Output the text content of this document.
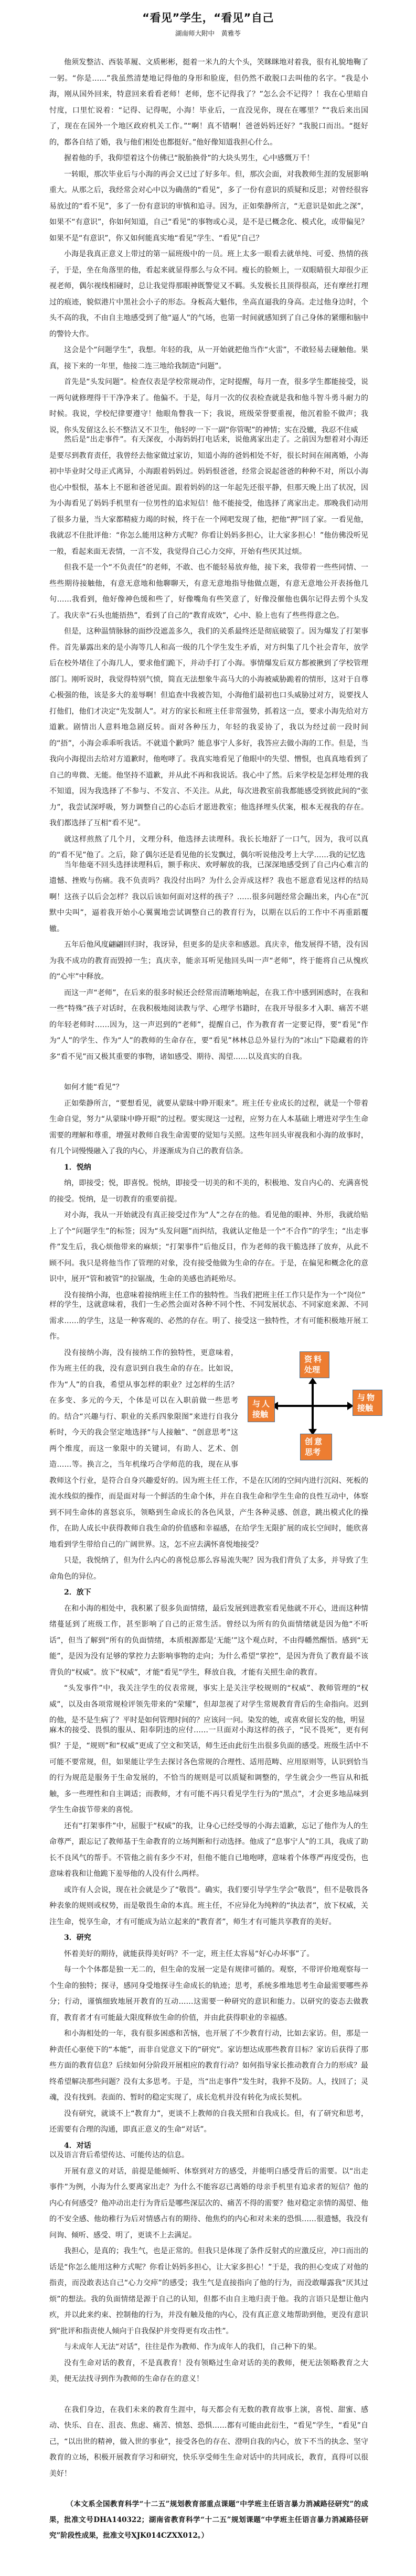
“看见”学生，“看见”自己

湖南师大附中　黄雅苓

他须发整洁、西装革履、文质彬彬，挺着一米九的大个头，笑眯眯地对着我，很有礼貌地鞠了一躬。“你是……”我虽然清楚地记得他的身形和脸庞，但仍然不敢脱口去叫他的名字。“我是小海，刚从国外回来，特意回来看看老师！老师，您不记得我了？”怎么会不记得？！我在心里暗自忖度，口里忙说着：“记得、记得呢，小海！毕业后，一直没见你，现在在哪里？”“我后来出国了，现在在国外一个地区政府机关工作。”“啊！真不错啊！爸爸妈妈还好？”我脱口而出。“挺好的，都各自结了婚，我与他们相处也都挺好。”他好像知道我担心什么。

握着他的手，我仰望着这个仿佛已“脱胎换骨”的大块头男生，心中感慨万千！

一转眼，那次毕业后与小海的再会又已过了好多年。但，那次会面，对我教师生涯的发展影响重大。从那之后，我经常会对心中以为确凿的“看见”，多了一份有意识的质疑和反思；对曾经很容易放过的“看不见”，多了一份有意识的审慎和追寻。因为，正如柴静所言，“无意识是如此之深”，如果不“有意识”，你如何知道，自己“看见”的事物或心灵，是不是已概念化、模式化，或带偏见？如果不是“有意识”，你又如何能真实地“看见”学生、“看见”自己？

小海是我真正意义上带过的第一届班级中的一员。班上太多一眼看去就单纯、可爱、热情的孩子，于是，坐在角落里的他，看起来就显得那么与众不同。瘦长的脸颊上，一双眼睛很大却很少正视老师，偶尔视线相碰时，总让我觉得那眼神既警觉又不羁。头发极长且顶得很高，还有摩丝打理过的痕迹，貌似港片中黑社会小子的形态。身板高大魁伟，坐高直逼我的身高。走过他身边时，个头不高的我，不由自主地感受到了他“逼人”的气场，也第一时间就感知到了自己身体的紧绷和脑中的警铃大作。

这会是个“问题学生”，我想。年轻的我，从一开始就把他当作“火雷”，不敢轻易去碰触他。果真，接下来的一年里，他接二连三地给我制造“问题”。

首先是“头发问题”。检查仪表是学校常规动作，定时提醒，每月一查，很多学生都能接受，说一两句就修理得干干净净来了。他偏不。于是，每月一次的仪表检查就是我和他斗智斗勇斗耐力的时候。我说，学校纪律要遵守！他眼角瞥我一下；我说，班级荣誉要重视，他沉着脸不做声；我说，你头发留这么长不整洁又不卫生，他轻哼一下一副“你管呢”的神情；实在没辙，我忍不住威

然后是“出走事件”。有天深夜，小海妈妈打电话来，说他离家出走了。之前因为想着对小海还是要尽到教育责任，我曾经去他家做过家访，知道小海的爸妈相处不好，很长时间在闹离婚，小海初中毕业时父母正式离异，小海跟着妈妈过。妈妈恨爸爸，经常会说起爸爸的种种不对，所以小海也心中恨恨，基本上不愿和爸爸见面。跟着妈妈的这一年起先还很平静，但那天晚上出了状况，因为小海看见了妈妈手机里有一位男性的追求短信！他不能接受，他选择了离家出走。那晚我们动用了很多力量，当大家都精疲力竭的时候，终于在一个网吧发现了他，把他“押”回了家。一看见他，我就忍不住批评他：“你怎么能用这种方式呢？你看让妈妈多担心，让大家多担心！”他仿佛没听见一般，看起来面无表情，一言不发，我觉得自己心力交瘁，开始有些厌其过烦。

但我不是一个“不负责任”的老师，不敢、也不能轻易放弃他，接下来，我带着一些些同情、一些些期待接触他，有意无意地和他聊聊天，有意无意地指导他做点题，有意无意地公开表扬他几句……我看到，他好像神色缓和些了，好像嘴角有些笑意了，好像没催他也偶尔记得去剪个头发了。我庆幸“石头也能捂热”，看到了自己的“教育成效”，心中、脸上也有了些些得意之色。

但是，这种温情脉脉的面纱没遮盖多久，我们的关系最终还是彻底破裂了。因为爆发了打架事件。首先暴露出来的是小海等几人和高一级的几个学生发生矛盾，对方纠集了几个社会青年，放学后在校外堵住了小海几人，要求他们跪下，并动手打了小海。事情爆发后双方都被揪到了学校管理部门。刚听说时，我觉得特别气愤，简直无法想象牛高马大的小海被威胁跪着的情形，这对于自尊心极强的他，该是多大的羞辱啊！但追查中我被告知，小海他们最初也口头威胁过对方，说要找人打他们，他们才决定“先发制人”。对方的家长和班主任非常强势，抓着这一点，要求小海先给对方道歉。剧情出人意料地急剧反转。面对各种压力，年轻的我妥协了，我以为经过前一段时间的“捂”，小海会乖乖听我话。不就道个歉吗？能息事宁人多好，我答应去做小海的工作。但是，当我向小海提出去给对方道歉时，他咆哮了。我真实地看见了他眼中的失望、憎恨，也真真地看到了自己的卑微、无能。他坚持不道歉，并从此不再和我说话。我心中了然。后来学校是怎样处理的我不知道，因为我选择了不参与、不发言、不关注。从此，每次进教室前我都能感受到彼此间的“张力”，我尝试深呼吸，努力调整自己的心态后才愿进教室；他选择埋头伏案，根本无视我的存在。我们都选择了互相“看不见”。

就这样煎熬了几个月，文理分科，他选择去读理科。我长长地舒了一口气，因为，我可以真的“看不见”他了。之后，除了偶尔还是看见他的长发飘过，偶尔听说他没考上大学……我的记忆选

当年他毫不回头选择读理科后，额手称庆、欢呼解放的我，已深深地感受到了自己内心难言的遗憾、挫败与伤痛。我不负责吗？我没付出吗？为什么会弄成这样？我也不愿意看见这样的结局啊！这孩子以后会怎样？我以后该如何面对这样的孩子？……很多问题经常会蹦出来，内心在“沉默中尖叫”，逼着我开始小心翼翼地尝试调整自己的教育行为，以期在以后的工作中不再重蹈覆辙。

五年后他风度翩翩回归时，我讶异，但更多的是庆幸和感恩。真庆幸，他发展得不错，没有因为我不成功的教育而毁掉一生；真庆幸，能亲耳听见他回头叫一声“老师”，终于能将自己从愧疚的“心牢”中释放。

而这一声“老师”，在后来的很多时候还会经常而清晰地响起，在我工作中感到困惑时，在我和一些“特殊”孩子对话时，在我积极地阅读教与学、心理学书籍时，在我开导很多才入职、痛苦不堪的年轻老师时……因为，这一声迟到的“老师”，提醒自己，作为教育者一定要记得，要“看见”作为“人”的学生、作为“人”的教师的生命存在，要“看见”林林总总外显行为的“冰山”下隐藏着的许多“看不见”而又极其重要的事物，诸如感受、期待、渴望……以及真实的自我。

如何才能“看见”？

正如柴静所言，“要想看见，就要从蒙昧中睁开眼来”。班主任专业成长的过程，就是一个带着生命自觉，努力“从蒙昧中睁开眼”的过程。要实现这一过程，应努力在人本基础上增进对学生生命需要的理解和尊重，增强对教师自我生命需要的觉知与关照。这些年回头审视我和小海的故事时，有几个词慢慢融入了我的内心，并逐渐成为自己的教育信条。

1．悦纳

纳，即接受；悦，即喜悦。悦纳，即接受一切美的和不美的，积极地、发自内心的、充满喜悦的接受。悦纳，是一切教育的重要前提。

对小海，我从一开始就没有真正接受过作为“人”之存在的他。看见他的眼神、外形，我就给贴上了个“问题学生”的标签；因为“头发问题”而纠结，我就认定他是一个“不合作”的学生；“出走事件”发生后，我心烦他带来的麻烦；“打架事件”后他反目，作为老师的我干脆选择了放弃，从此不顾不问。我只是将他当作了管理的对象，没有接受他做为生命的存在。于是，在偏见和概念化的意识中，展开“管和被管”的拉锯战，生命的美感也消耗殆尽。

没有接纳小海，也意味着接纳班主任工作的独特性。当我们把班主任工作只是作为一个“岗位”

样的学生，这就意味着，我们一生必然会面对各种不同个性、不同发展状态、不同家庭来源、不同需求……的学生，这是一种客观的、必然的存在。明了、接受这一独特性，才有可能积极地开展工作。

资料处理
与人接触
与物接触
创意思考
没有接纳小海，没有接纳工作的独特性，更意味着，作为班主任的我，没有意识到自我生命的存在。比如说，作为“人”的自我，希望从事怎样的职业？过怎样的生活？在多变、多元的今天，个体是可以在入职前做一些思考的。结合“兴趣与行、职业的关系四象限图”来进行自我分析时，今天的我会坚定地选择“与人接触”、“创意思考”这两个维度，而这一象限中的关键词，有助人、艺术、创造……等。换言之，当年机缘巧合学师范的我，现在从事教师这个行业，是符合自身兴趣爱好的。因为班主任工作，不是在仄闭的空间内进行沉闷、死板的流水线似的操作，而是面对每一个鲜活的生命个体，并在自我生命和学生生命的良性互动中，体察到不同生命体的喜怒哀乐，领略到生命成长的各色风景，产生各种灵感、创意，跳出模式化的操作，在助人成长中获得教师自我生命的价值感和幸福感，在给学生无限扩展的成长空间时，能欣喜地看到学生带给自己的广阔世界。这，怎不应去满怀喜悦地接受？

只是，我悦纳了，但为什么内心的喜悦总那么容易流失呢？因为我们背负了太多，并导致了生命角色的异位。

2．放下

在和小海的相处中，我积累了很多负面情绪，最后发展到进教室看见他就不开心，进而这种情绪蔓延到了班级工作，甚至影响了自己的正常生活。曾经以为所有的负面情绪就是因为他“不听话”，但当了解到“所有的负面情绪，本质根源都是‘无能’”这个观点时，不由得幡然醒悟。感到“无能”，是因为没有足够的掌控力去影响事物的走向；为什么希望“掌控”，是因为背负了教育最不该背负的“权威”。放下“权威”，才能“看见”学生，释放自我，才能有关照生命的教育。

“头发事件”中，我关注学生的仪表常规，事实上是关注学校规则的“权威”、教师管理的“权威”，以及由各项常规检评领先带来的“荣耀”，但却忽视了对学生常规教育背后的生命指向。迟到的他，是不是生病了？平时是如何管理时间的？应该问一问。染发的她，或喜欢留长发的他，明显

麻木的接受、畏惧的服从、阳奉阴违的应付……一旦面对小海这样的孩子，“民不畏死”，更有何惧？于是，“规则”和“权威”更成了空文和笑话，师生还由此衍生出很多负面的感受。班级生活中不可能不要常规，但，如果能让学生去探讨各色常规的合理性、适用范畴、应用原则等，认识到恰当的行为规范是服务于生命发展的，不恰当的规则是可以质疑和调整的，学生就会少一些盲从和抵触，多一些理性和自主调适；而教师，才有可能不再只看见学生行为的“黑点”，才会更多地品味到学生生命拔节带来的喜悦。

还有“打架事件”中，屈服于“权威”的我，让身心已经受辱的小海去道歉，忘记了他作为人的生命尊严，跟忘记了教师基于生命教育的立场判断和行动选择。他成了“息事宁人”的工具，我成了助长不良风气的帮手。不管他之前有多少不对，但他不能自已地咆哮，意味着个体尊严再度受伤，也意味着我和让他跪下羞辱他的人没有什么两样。

或许有人会说，现在社会就是少了“敬畏”。确实，我们要引导学生学会“敬畏”，但不是敬畏各种表象的规则或权势，而是敬畏生命的本真。班主任，不应异化为纯粹的“执法者”，放下权威，关注生命，悦享生命，才有可能成为站立起来的“教育者”，师生才有可能共享教育的美好。

3．研究

怀着美好的期待，就能获得美好吗？不一定，班主任太容易“好心办坏事”了。

每一个个体都是独一无二的，但生命的发展一定是有规律可循的。观察，不带评价地观察每一个生命的独特；探寻，感同身受地探寻生命成长的轨迹；思考，系统多维地思考生命最需要哪些养分；行动，谨慎细致地展开教育的互动……这需要一种研究的意识和能力。以研究的姿态去做教育，教育者才有可能最大限度释放生命的价值，并由此获得职业的幸福感。

和小海相处的一年，我有很多困惑和苦恼，也开展了不少教育行动，比如去家访。但，那是一种责任心驱使下的“本能”，而非自觉意义下的“研究”。家访想达成那些教育目标？家访后获得了那些方面的教育信息？后续如何分阶段开展相应的教育行动？如何指导家长推动教育合力的形成？最终希望解决那些问题？没有太多思考。于是，当“出走事件”发生时，我猝不及防。人，找回了；灵魂，没有找到。表面的、暂时的稳定实现了，成长危机并没有转化为成长契机。

没有研究，就谈不上“教育力”，更谈不上教师的自我关照和自我成长。但，有了研究和思考，还需要有合理的沟通，即真正意义的生命“对话”。

4．对话

以及语言背后希望传达、可能传达的信息。

开展有意义的对话，前提是能倾听、体察到对方的感受，并能明白感受背后的需要。以“出走事件”为例，小海为什么要离家出走？为什么不能容忍已离婚的母亲手机里有追求者的短信？他的内心有何感受？他冲动出走行为背后是哪些深层次的、痛苦不得的需要？他对稳定亲情的渴望、他的不安全感、他幼稚行为后对情感占有的期待、他焦灼的内心和对未来的恐惧……很遗憾，我没有问询、倾听、感受、明了，更谈不上去满足。

我担心，是真的；我生气，也是正常的。但我只是体现了条件反射式的应激反应，冲口而出的话是“你怎么能用这种方式呢？你看让妈妈多担心，让大家多担心！”于是，我的担心变成了对他的指责，而没敢表达自己“心力交瘁”的感受；我生气是直接指向了他的行为，而没敢曝露我“厌其过烦”的想法。我的负面情绪是源于自己的认知，但都不由自主地归责于他。我的言语只是想让他内疚，并以此来约束、控制他的行为，并没有触及他的内心，没有真正意义地帮助到他，更没有意识到“批评和指责使人倾向于自我保护并变得更有攻击性”。

与未成年人无法“对话”，往往是作为教师、作为成年人的我们，自己种下的果。

没有生命对话的教育，不是真教育！没有领略过生命对话的美的教师，便无法领略教育之大美，便无法找寻到作为教师的生命存在的意义！

在我们身边，在我们未来的教育生涯中，每天都会有无数的教育故事上演，喜悦、甜蜜、感动、快乐、自在、沮丧、焦虑、痛苦、愤怒、恐惧……都有可能由此衍生，“看见”学生，“看见”自己，“以出世的精神，做入世的事业”，接受各色的存在、澄明自我的内心，放下不当的执念、坚守教育的立场，积极开展教育学习和研究，快乐享受师生生命对话中的共同成长，教育，真得可以很美好！

（本文系全国教育科学“十二五”规划教育部重点课题“中学班主任语言暴力消减路径研究”的成果，批准文号DHA140322；湖南省教育科学“十二五”规划课题“中学班主任语言暴力消减路径研究”阶段性成果，批准文号XJK014CZXX012。）
